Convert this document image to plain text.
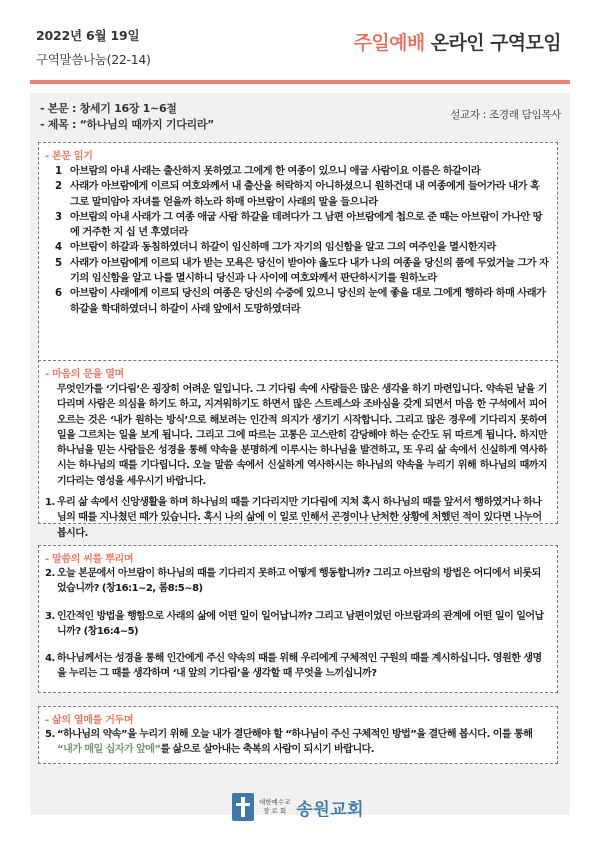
2022년 6월 19일
구역말씀나눔(22-14)
주일예배 온라인 구역모임
- 본문 : 창세기 16장 1~6절
- 제목 : “하나님의 때까지 기다리라”
설교자 : 조경래 담임목사
- 본문 읽기
1 아브람의 아내 사래는 출산하지 못하였고 그에게 한 여종이 있으니 애굽 사람이요 이름은 하갈이라
2 사래가 아브람에게 이르되 여호와께서 내 출산을 허락하지 아니하셨으니 원하건대 내 여종에게 들어가라 내가 혹 그로 말미암아 자녀를 얻을까 하노라 하매 아브람이 사래의 말을 들으니라
3 아브람의 아내 사래가 그 여종 애굽 사람 하갈을 데려다가 그 남편 아브람에게 첩으로 준 때는 아브람이 가나안 땅에 거주한 지 십 년 후였더라
4 아브람이 하갈과 동침하였더니 하갈이 임신하매 그가 자기의 임신함을 알고 그의 여주인을 멸시한지라
5 사래가 아브람에게 이르되 내가 받는 모욕은 당신이 받아야 옳도다 내가 나의 여종을 당신의 품에 두었거늘 그가 자기의 임신함을 알고 나를 멸시하니 당신과 나 사이에 여호와께서 판단하시기를 원하노라
6 아브람이 사래에게 이르되 당신의 여종은 당신의 수중에 있으니 당신의 눈에 좋을 대로 그에게 행하라 하매 사래가 하갈을 학대하였더니 하갈이 사래 앞에서 도망하였더라
- 마음의 문을 열며
무엇인가를 ‘기다림’은 굉장히 어려운 일입니다. 그 기다림 속에 사람들은 많은 생각을 하기 마련입니다. 약속된 날을 기다리며 사람은 의심을 하기도 하고, 지겨워하기도 하면서 많은 스트레스와 조바심을 갖게 되면서 마음 한 구석에서 피어오르는 것은 ‘내가 원하는 방식’으로 해보려는 인간적 의지가 생기기 시작합니다. 그리고 많은 경우에 기다리지 못하여 일을 그르치는 일을 보게 됩니다. 그리고 그에 따르는 고통은 고스란히 감당해야 하는 순간도 뒤 따르게 됩니다. 하지만 하나님을 믿는 사람들은 성경을 통해 약속을 분명하게 이루시는 하나님을 발견하고, 또 우리 삶 속에서 신실하게 역사하시는 하나님의 때를 기다립니다. 오늘 말씀 속에서 신실하게 역사하시는 하나님의 약속을 누리기 위해 하나님의 때까지 기다리는 영성을 세우시기 바랍니다.
1. 우리 삶 속에서 신앙생활을 하며 하나님의 때를 기다리지만 기다림에 지쳐 혹시 하나님의 때를 앞서서 행하였거나 하나님의 때를 지나쳤던 때가 있습니다. 혹시 나의 삶에 이 일로 인해서 곤경이나 난처한 상황에 처했던 적이 있다면 나누어 봅시다.
- 말씀의 씨를 뿌리며
2. 오늘 본문에서 아브람이 하나님의 때를 기다리지 못하고 어떻게 행동합니까? 그리고 아브람의 방법은 어디에서 비롯되었습니까? (창16:1~2, 롬8:5~8)
3. 인간적인 방법을 행함으로 사래의 삶에 어떤 일이 일어납니까? 그리고 남편이었던 아브람과의 관계에 어떤 일이 일어납니까? (창16:4~5)
4. 하나님께서는 성경을 통해 인간에게 주신 약속의 때를 위해 우리에게 구체적인 구원의 때를 계시하십니다. 영원한 생명을 누리는 그 때를 생각하며 ‘내 앞의 기다림’을 생각할 때 무엇을 느끼십니까?
- 삶의 열매를 거두며
5. “하나님의 약속”을 누리기 위해 오늘 내가 결단해야 할 “하나님이 주신 구체적인 방법”을 결단해 봅시다. 이를 통해 “내가 매일 십자가 앞에”를 삶으로 살아내는 축복의 사람이 되시기 바랍니다.
대한예수교
장 로 회 송원교회
